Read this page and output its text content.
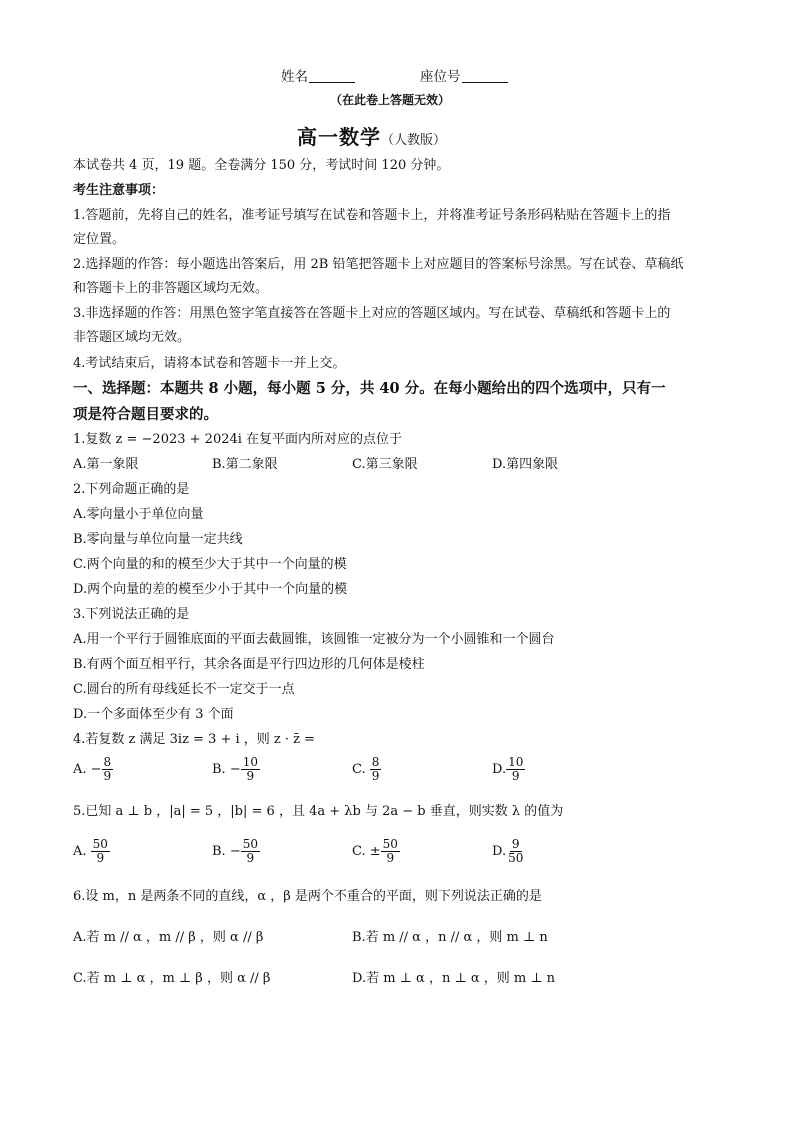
姓名	座位号
（在此卷上答题无效）
高一数学（人教版）
本试卷共 4 页，19 题。全卷满分 150 分，考试时间 120 分钟。
考生注意事项：
1.答题前，先将自己的姓名，准考证号填写在试卷和答题卡上，并将准考证号条形码粘贴在答题卡上的指
定位置。
2.选择题的作答：每小题选出答案后，用 2B 铅笔把答题卡上对应题目的答案标号涂黑。写在试卷、草稿纸
和答题卡上的非答题区域均无效。
3.非选择题的作答：用黑色签字笔直接答在答题卡上对应的答题区域内。写在试卷、草稿纸和答题卡上的
非答题区域均无效。
4.考试结束后，请将本试卷和答题卡一并上交。
一、选择题：本题共 8 小题，每小题 5 分，共 40 分。在每小题给出的四个选项中，只有一
项是符合题目要求的。
1.复数 z = −2023 + 2024i 在复平面内所对应的点位于
A.第一象限	B.第二象限	C.第三象限	D.第四象限
2.下列命题正确的是
A.零向量小于单位向量
B.零向量与单位向量一定共线
C.两个向量的和的模至少大于其中一个向量的模
D.两个向量的差的模至少小于其中一个向量的模
3.下列说法正确的是
A.用一个平行于圆锥底面的平面去截圆锥，该圆锥一定被分为一个小圆锥和一个圆台
B.有两个面互相平行，其余各面是平行四边形的几何体是棱柱
C.圆台的所有母线延长不一定交于一点
D.一个多面体至少有 3 个面
4.若复数 z 满足 3iz = 3 + i ，则 z · z̄ =
A. − $\frac{8}{9}$	B. − $\frac{10}{9}$	C. $\frac{8}{9}$	D. $\frac{10}{9}$
5.已知 a ⊥ b ，|a| = 5 ，|b| = 6 ，且 4a + λb 与 2a − b 垂直，则实数 λ 的值为
A. $\frac{50}{9}$	B. − $\frac{50}{9}$	C. ± $\frac{50}{9}$	D. $\frac{9}{50}$
6.设 m，n 是两条不同的直线，α ，β 是两个不重合的平面，则下列说法正确的是
A.若 m // α ，m // β ，则 α // β	B.若 m // α ，n // α ，则 m ⊥ n
C.若 m ⊥ α ，m ⊥ β ，则 α // β	D.若 m ⊥ α ，n ⊥ α ，则 m ⊥ n
